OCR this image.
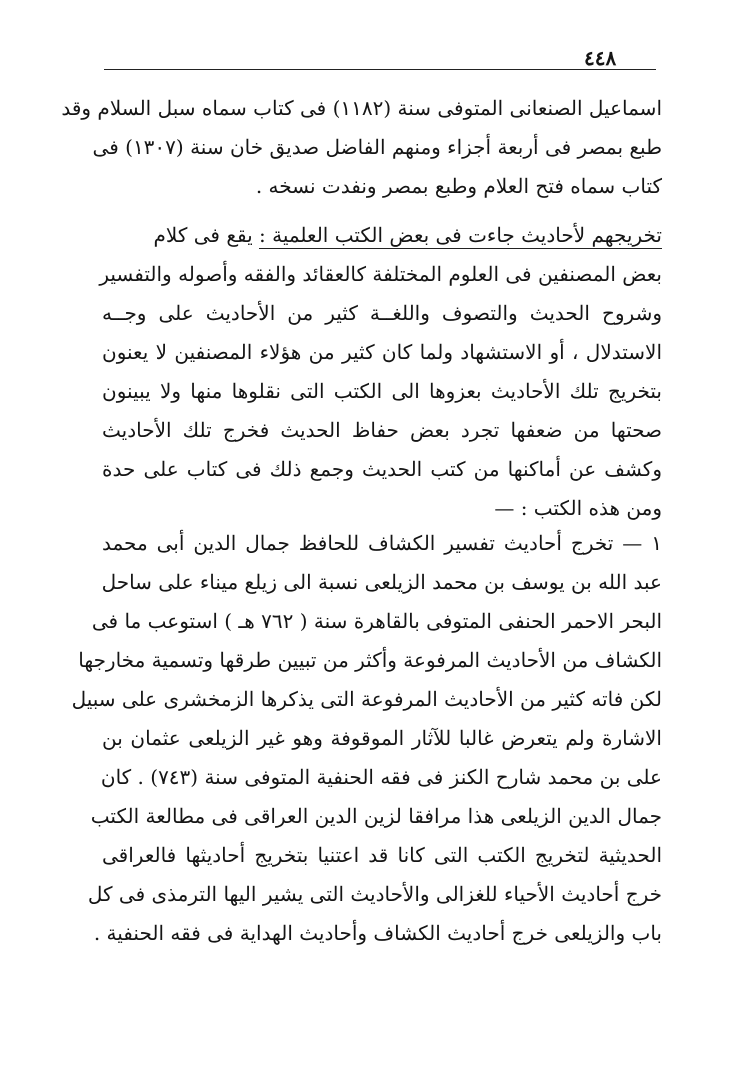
٤٤٨
اسماعيل الصنعانى المتوفى سنة (١١٨٢) فى كتاب سماه سبل السلام وقد
طبع بمصر فى أربعة أجزاء ومنهم الفاضل صديق خان سنة (١٣٠٧) فى
كتاب سماه فتح العلام وطبع بمصر ونفدت نسخه .
تخريجهم لأحاديث جاءت فى بعض الكتب العلمية : يقع فى كلام
بعض المصنفين فى العلوم المختلفة كالعقائد والفقه وأصوله والتفسير
وشروح الحديث والتصوف واللغــة كثير من الأحاديث على وجــه
الاستدلال ، أو الاستشهاد ولما كان كثير من هؤلاء المصنفين لا يعنون
بتخريج تلك الأحاديث بعزوها الى الكتب التى نقلوها منها ولا يبينون
صحتها من ضعفها تجرد بعض حفاظ الحديث فخرج تلك الأحاديث
وكشف عن أماكنها من كتب الحديث وجمع ذلك فى كتاب على حدة
ومن هذه الكتب : —
١ — تخرج أحاديث تفسير الكشاف للحافظ جمال الدين أبى محمد
عبد الله بن يوسف بن محمد الزيلعى نسبة الى زيلع ميناء على ساحل
البحر الاحمر الحنفى المتوفى بالقاهرة سنة ( ٧٦٢ هـ ) استوعب ما فى
الكشاف من الأحاديث المرفوعة وأكثر من تبيين طرقها وتسمية مخارجها
لكن فاته كثير من الأحاديث المرفوعة التى يذكرها الزمخشرى على سبيل
الاشارة ولم يتعرض غالبا للآثار الموقوفة وهو غير الزيلعى عثمان بن
على بن محمد شارح الكنز فى فقه الحنفية المتوفى سنة (٧٤٣) . كان
جمال الدين الزيلعى هذا مرافقا لزين الدين العراقى فى مطالعة الكتب
الحديثية لتخريج الكتب التى كانا قد اعتنيا بتخريج أحاديثها فالعراقى
خرج أحاديث الأحياء للغزالى والأحاديث التى يشير اليها الترمذى فى كل
باب والزيلعى خرج أحاديث الكشاف وأحاديث الهداية فى فقه الحنفية .
